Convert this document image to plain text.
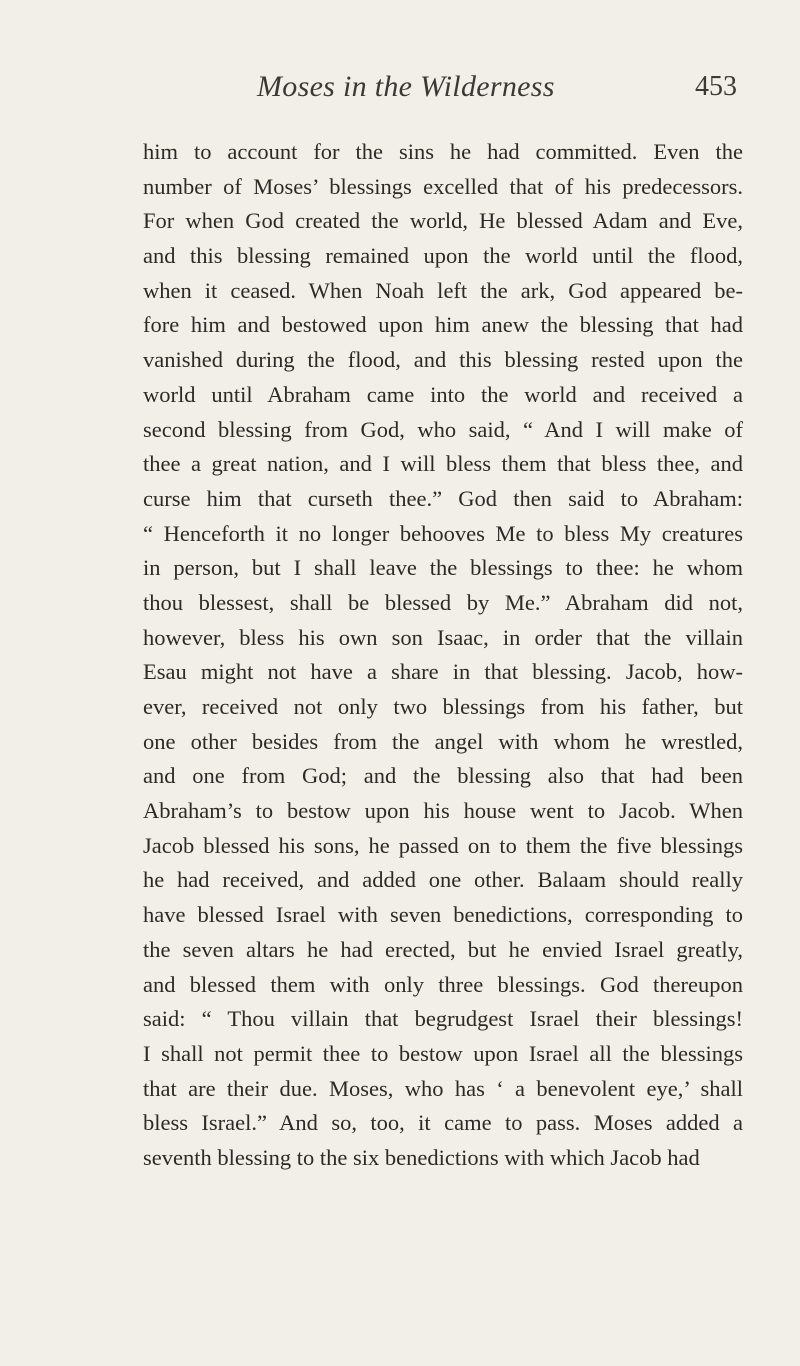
Moses in the Wilderness	453
him to account for the sins he had committed. Even the
number of Moses’ blessings excelled that of his predecessors.
For when God created the world, He blessed Adam and Eve,
and this blessing remained upon the world until the flood,
when it ceased. When Noah left the ark, God appeared be-
fore him and bestowed upon him anew the blessing that had
vanished during the flood, and this blessing rested upon the
world until Abraham came into the world and received a
second blessing from God, who said, “ And I will make of
thee a great nation, and I will bless them that bless thee, and
curse him that curseth thee.” God then said to Abraham:
“ Henceforth it no longer behooves Me to bless My creatures
in person, but I shall leave the blessings to thee: he whom
thou blessest, shall be blessed by Me.” Abraham did not,
however, bless his own son Isaac, in order that the villain
Esau might not have a share in that blessing. Jacob, how-
ever, received not only two blessings from his father, but
one other besides from the angel with whom he wrestled,
and one from God; and the blessing also that had been
Abraham’s to bestow upon his house went to Jacob. When
Jacob blessed his sons, he passed on to them the five blessings
he had received, and added one other. Balaam should really
have blessed Israel with seven benedictions, corresponding to
the seven altars he had erected, but he envied Israel greatly,
and blessed them with only three blessings. God thereupon
said: “ Thou villain that begrudgest Israel their blessings!
I shall not permit thee to bestow upon Israel all the blessings
that are their due. Moses, who has ‘ a benevolent eye,’ shall
bless Israel.” And so, too, it came to pass. Moses added a
seventh blessing to the six benedictions with which Jacob had
